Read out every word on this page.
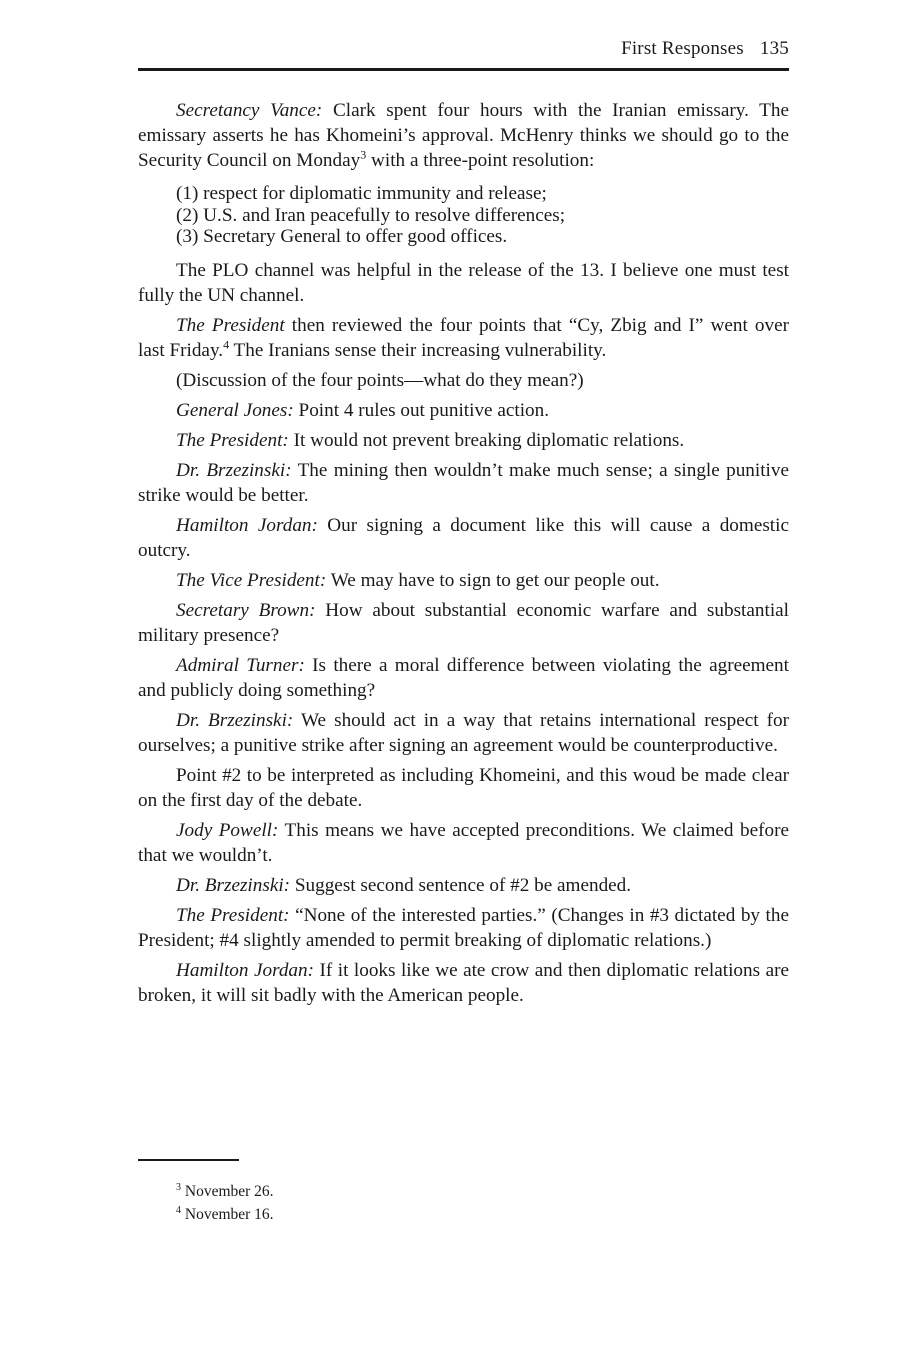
First Responses 135

Secretancy Vance: Clark spent four hours with the Iranian emissary. The emissary asserts he has Khomeini’s approval. McHenry thinks we should go to the Security Council on Monday$^3$ with a three-point resolution:

(1) respect for diplomatic immunity and release;
(2) U.S. and Iran peacefully to resolve differences;
(3) Secretary General to offer good offices.

The PLO channel was helpful in the release of the 13. I believe one must test fully the UN channel.

The President then reviewed the four points that “Cy, Zbig and I” went over last Friday.$^4$ The Iranians sense their increasing vulnerability.

(Discussion of the four points—what do they mean?)

General Jones: Point 4 rules out punitive action.

The President: It would not prevent breaking diplomatic relations.

Dr. Brzezinski: The mining then wouldn’t make much sense; a single punitive strike would be better.

Hamilton Jordan: Our signing a document like this will cause a domestic outcry.

The Vice President: We may have to sign to get our people out.

Secretary Brown: How about substantial economic warfare and substantial military presence?

Admiral Turner: Is there a moral difference between violating the agreement and publicly doing something?

Dr. Brzezinski: We should act in a way that retains international respect for ourselves; a punitive strike after signing an agreement would be counterproductive.

Point #2 to be interpreted as including Khomeini, and this woud be made clear on the first day of the debate.

Jody Powell: This means we have accepted preconditions. We claimed before that we wouldn’t.

Dr. Brzezinski: Suggest second sentence of #2 be amended.

The President: “None of the interested parties.” (Changes in #3 dictated by the President; #4 slightly amended to permit breaking of diplomatic relations.)

Hamilton Jordan: If it looks like we ate crow and then diplomatic relations are broken, it will sit badly with the American people.

$^3$ November 26.
$^4$ November 16.
